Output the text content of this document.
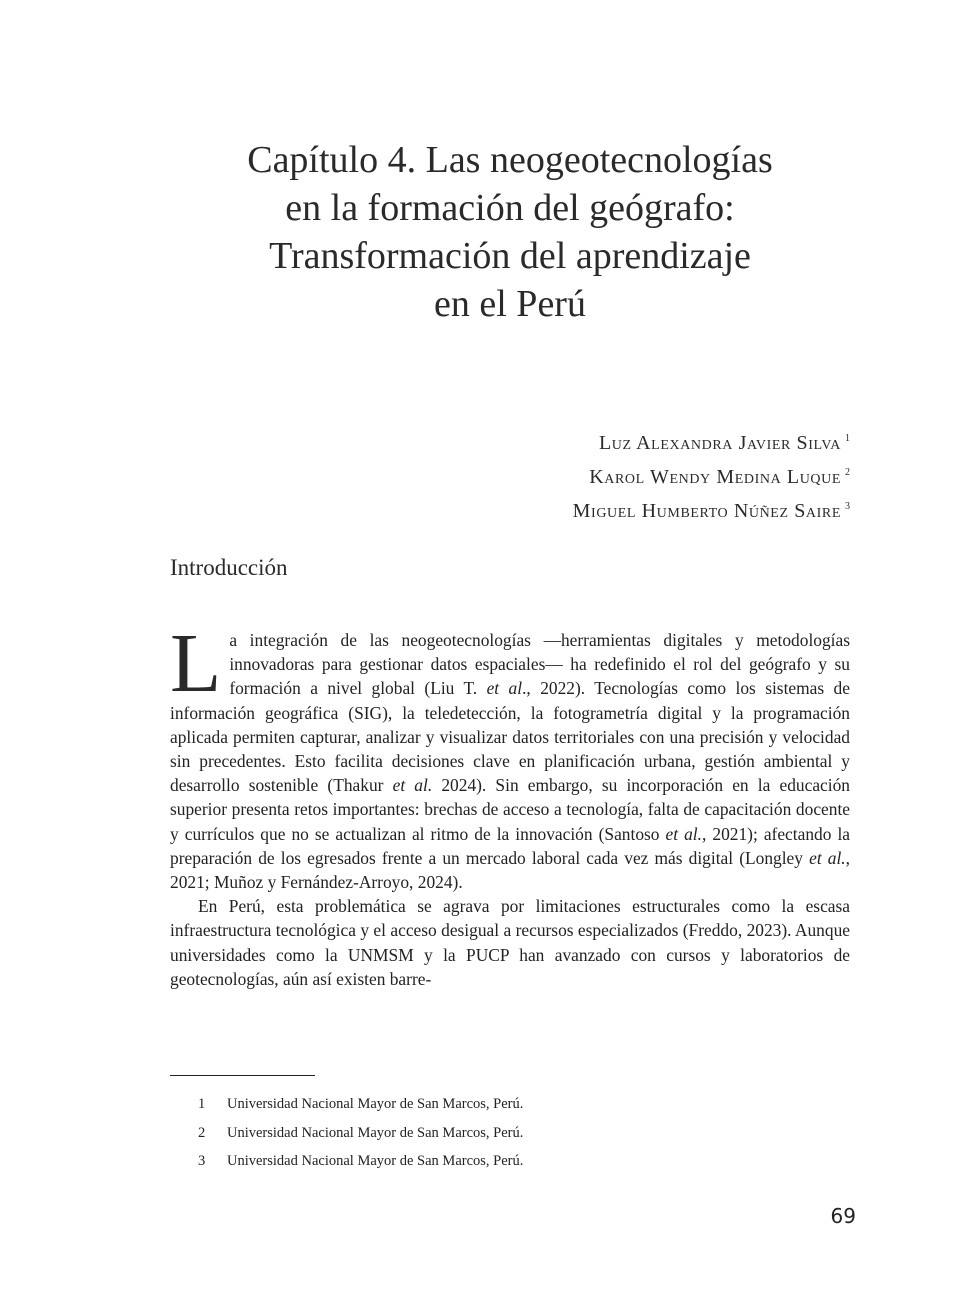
Capítulo 4. Las neogeotecnologías
en la formación del geógrafo:
Transformación del aprendizaje
en el Perú
Luz Alexandra Javier Silva $^1$
Karol Wendy Medina Luque $^2$
Miguel Humberto Núñez Saire $^3$
Introducción

La integración de las neogeotecnologías —herramientas digitales y metodologías innovadoras para gestionar datos espaciales— ha redefinido el rol del geógrafo y su formación a nivel global (Liu T. et al., 2022). Tecnologías como los sistemas de información geográfica (SIG), la teledetección, la fotogrametría digital y la programación aplicada permiten capturar, analizar y visualizar datos territoriales con una precisión y velocidad sin precedentes. Esto facilita decisiones clave en planificación urbana, gestión ambiental y desarrollo sostenible (Thakur et al. 2024). Sin embargo, su incorporación en la educación superior presenta retos importantes: brechas de acceso a tecnología, falta de capacitación docente y currículos que no se actualizan al ritmo de la innovación (Santoso et al., 2021); afectando la preparación de los egresados frente a un mercado laboral cada vez más digital (Longley et al., 2021; Muñoz y Fernández-Arroyo, 2024).

En Perú, esta problemática se agrava por limitaciones estructurales como la escasa infraestructura tecnológica y el acceso desigual a recursos especializados (Freddo, 2023). Aunque universidades como la UNMSM y la PUCP han avanzado con cursos y laboratorios de geotecnologías, aún así existen barre-

1 Universidad Nacional Mayor de San Marcos, Perú.
2 Universidad Nacional Mayor de San Marcos, Perú.
3 Universidad Nacional Mayor de San Marcos, Perú.
69
